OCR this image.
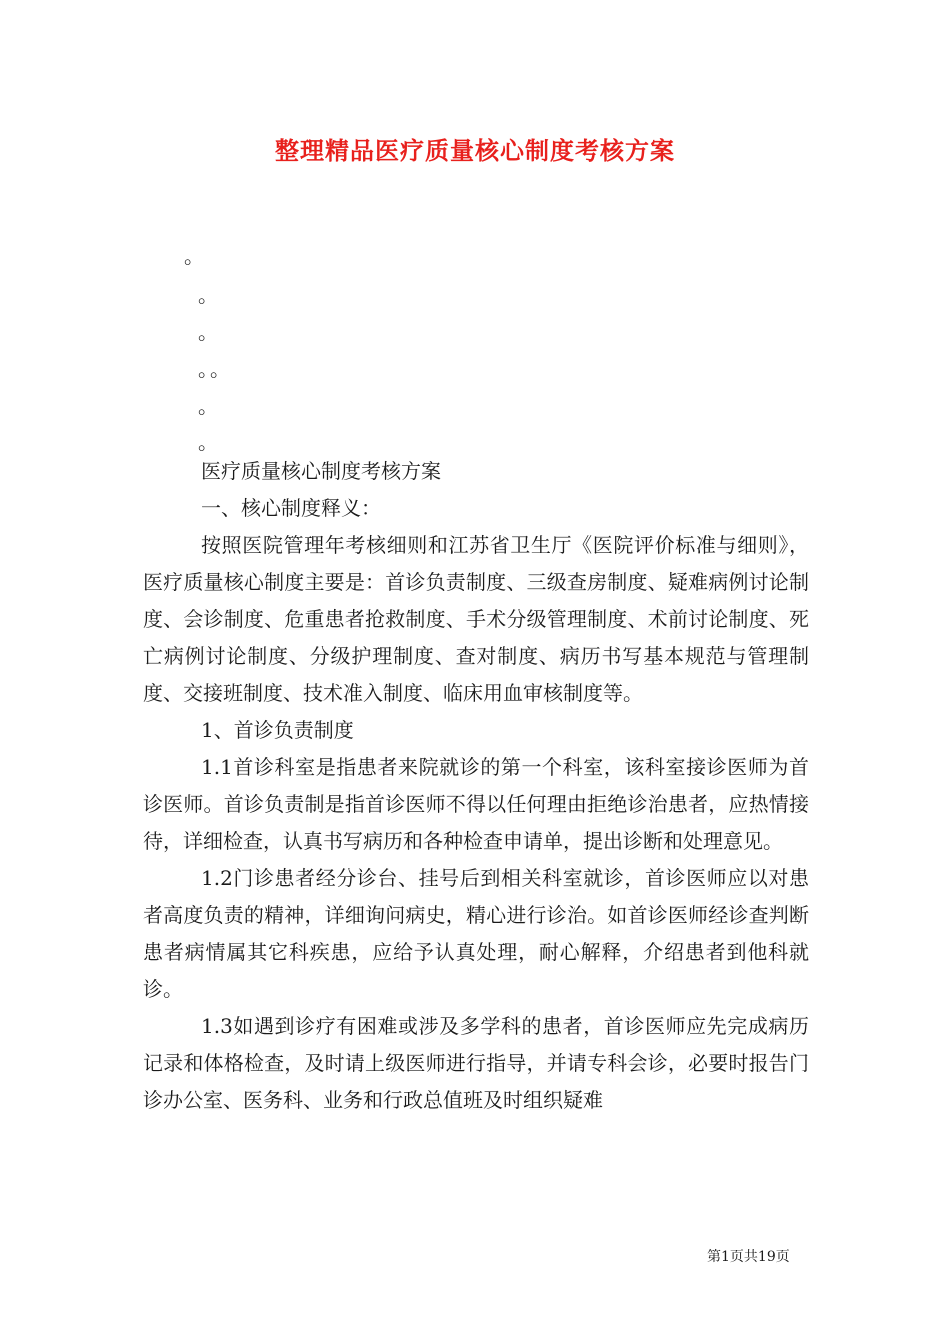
整理精品医疗质量核心制度考核方案
。
。
。
。。
。
。

医疗质量核心制度考核方案

一、核心制度释义：

按照医院管理年考核细则和江苏省卫生厅《医院评价标准与细则》，医疗质量核心制度主要是：首诊负责制度、三级查房制度、疑难病例讨论制度、会诊制度、危重患者抢救制度、手术分级管理制度、术前讨论制度、死亡病例讨论制度、分级护理制度、查对制度、病历书写基本规范与管理制度、交接班制度、技术准入制度、临床用血审核制度等。

1、首诊负责制度

1.1首诊科室是指患者来院就诊的第一个科室，该科室接诊医师为首诊医师。首诊负责制是指首诊医师不得以任何理由拒绝诊治患者，应热情接待，详细检查，认真书写病历和各种检查申请单，提出诊断和处理意见。

1.2门诊患者经分诊台、挂号后到相关科室就诊，首诊医师应以对患者高度负责的精神，详细询问病史，精心进行诊治。如首诊医师经诊查判断患者病情属其它科疾患，应给予认真处理，耐心解释，介绍患者到他科就诊。

1.3如遇到诊疗有困难或涉及多学科的患者，首诊医师应先完成病历记录和体格检查，及时请上级医师进行指导，并请专科会诊，必要时报告门诊办公室、医务科、业务和行政总值班及时组织疑难

第1页共19页
